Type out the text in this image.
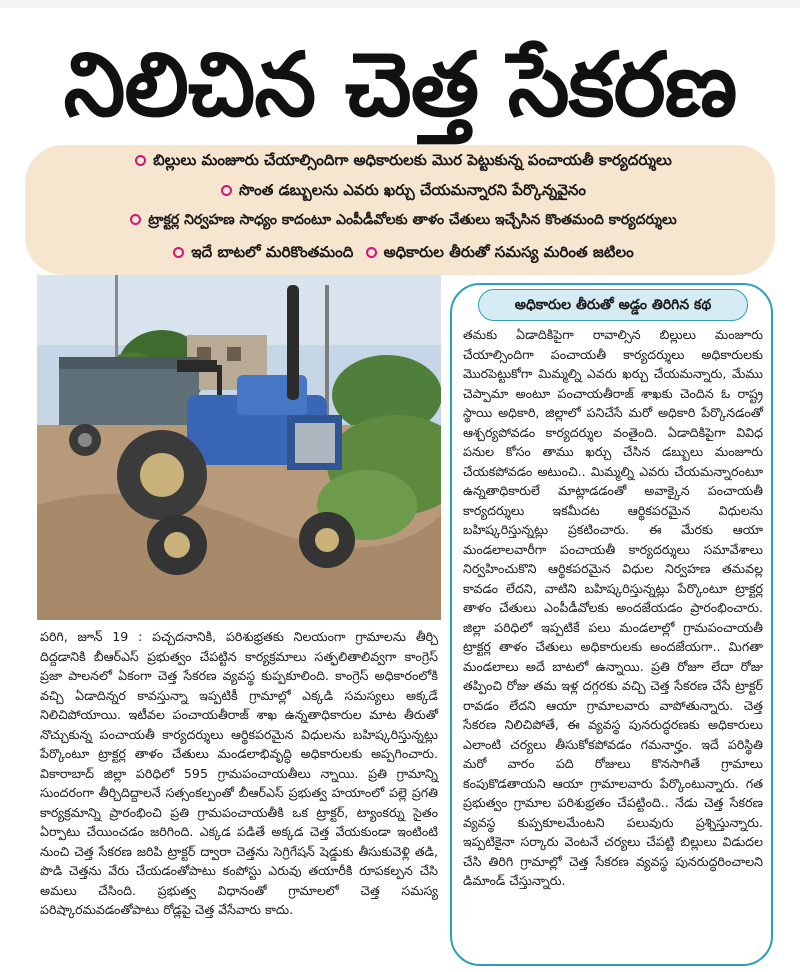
నిలిచిన చెత్త సేకరణ
బిల్లులు మంజూరు చేయాల్సిందిగా అధికారులకు మొర పెట్టుకున్న పంచాయతీ కార్యదర్శులు
సొంత డబ్బులను ఎవరు ఖర్చు చేయమన్నారని పేర్కొన్నవైనం
ట్రాక్టర్ల నిర్వహణ సాధ్యం కాదంటూ ఎంపీడీవోలకు తాళం చేతులు ఇచ్చేసిన కొంతమంది కార్యదర్శులు
ఇదే బాటలో మరికొంతమంది అధికారుల తీరుతో సమస్య మరింత జటిలం

పరిగి, జూన్ 19 : పచ్చదనానికి, పరిశుభ్రతకు నిలయంగా గ్రామాలను తీర్చి దిద్దడానికి బీఆర్ఎస్ ప్రభుత్వం చేపట్టిన కార్యక్రమాలు సత్ఫలితాలివ్వగా కాంగ్రెస్ ప్రజా పాలనలో ఏకంగా చెత్త సేకరణ వ్యవస్థ కుప్పకూలింది. కాంగ్రెస్ అధికారంలోకి వచ్చి ఏడాదిన్నర కావస్తున్నా ఇప్పటికీ గ్రామాల్లో ఎక్కడి సమస్యలు అక్కడే నిలిచిపోయాయి. ఇటీవల పంచాయతీరాజ్ శాఖ ఉన్నతాధికారుల మాట తీరుతో నొచ్చుకున్న పంచాయతీ కార్యదర్శులు ఆర్థికపరమైన విధులను బహిష్కరిస్తున్నట్లు పేర్కొంటూ ట్రాక్టర్ల తాళం చేతులు మండలాభివృద్ధి అధికారులకు అప్పగించారు. వికారాబాద్ జిల్లా పరిధిలో 595 గ్రామపంచాయతీలు న్నాయి. ప్రతి గ్రామాన్ని సుందరంగా తీర్చిదిద్దాలనే సత్సంకల్పంతో బీఆర్ఎస్ ప్రభుత్వ హయాంలో పల్లె ప్రగతి కార్యక్రమాన్ని ప్రారంభించి ప్రతి గ్రామపంచాయతీకి ఒక ట్రాక్టర్, ట్యాంకర్ను సైతం ఏర్పాటు చేయించడం జరిగింది. ఎక్కడ పడితే అక్కడ చెత్త వేయకుండా ఇంటింటి నుంచి చెత్త సేకరణ జరిపి ట్రాక్టర్ ద్వారా చెత్తను సెగ్రిగేషన్ షెడ్డుకు తీసుకువెళ్లి తడి, పొడి చెత్తను వేరు చేయడంతోపాటు కంపోస్టు ఎరువు తయారీకి రూపకల్పన చేసి అమలు చేసింది. ప్రభుత్వ విధానంతో గ్రామాలలో చెత్త సమస్య పరిష్కారమవడంతోపాటు రోడ్లపై చెత్త వేసేవారు కాదు.

అధికారుల తీరుతో అడ్డం తిరిగిన కథ

తమకు ఏడాదికిపైగా రావాల్సిన బిల్లులు మంజూరు చేయాల్సిందిగా పంచాయతీ కార్యదర్శులు అధికారులకు మొరపెట్టుకోగా మిమ్మల్ని ఎవరు ఖర్చు చేయమన్నారు, మేము చెప్పామా అంటూ పంచాయతీరాజ్ శాఖకు చెందిన ఓ రాష్ట్ర స్థాయి అధికారి, జిల్లాలో పనిచేసే మరో అధికారి పేర్కొనడంతో ఆశ్చర్యపోవడం కార్యదర్శుల వంతైంది. ఏడాదికిపైగా వివిధ పనుల కోసం తాము ఖర్చు చేసిన డబ్బులు మంజూరు చేయకపోవడం అటుంచి.. మిమ్మల్ని ఎవరు చేయమన్నారంటూ ఉన్నతాధికారులే మాట్లాడడంతో అవాక్కైన పంచాయతీ కార్యదర్శులు ఇకమీదట ఆర్థికపరమైన విధులను బహిష్కరిస్తున్నట్లు ప్రకటించారు. ఈ మేరకు ఆయా మండలాలవారీగా పంచాయతీ కార్యదర్శులు సమావేశాలు నిర్వహించుకొని ఆర్థికపరమైన విధుల నిర్వహణ తమవల్ల కావడం లేదని, వాటిని బహిష్కరిస్తున్నట్లు పేర్కొంటూ ట్రాక్టర్ల తాళం చేతులు ఎంపీడీవోలకు అందజేయడం ప్రారంభించారు. జిల్లా పరిధిలో ఇప్పటికే పలు మండలాల్లో గ్రామపంచాయతీ ట్రాక్టర్ల తాళం చేతులు అధికారులకు అందజేయగా.. మిగతా మండలాలు అదే బాటలో ఉన్నాయి. ప్రతి రోజూ లేదా రోజు తప్పించి రోజు తమ ఇళ్ల దగ్గరకు వచ్చి చెత్త సేకరణ చేసే ట్రాక్టర్ రావడం లేదని ఆయా గ్రామాలవారు వాపోతున్నారు. చెత్త సేకరణ నిలిచిపోతే, ఈ వ్యవస్థ పునరుద్ధరణకు అధికారులు ఎలాంటి చర్యలు తీసుకోకపోవడం గమనార్హం. ఇదే పరిస్థితి మరో వారం పది రోజులు కొనసాగితే గ్రామాలు కంపుకొడతాయని ఆయా గ్రామాలవారు పేర్కొంటున్నారు. గత ప్రభుత్వం గ్రామాల పరిశుభ్రతం చేపట్టింది.. నేడు చెత్త సేకరణ వ్యవస్థ కుప్పకూలమేంటని పలువురు ప్రశ్నిస్తున్నారు. ఇప్పటికైనా సర్కారు వెంటనే చర్యలు చేపట్టి బిల్లులు విడుదల చేసి తిరిగి గ్రామాల్లో చెత్త సేకరణ వ్యవస్థ పునరుద్ధరించాలని డిమాండ్ చేస్తున్నారు.
